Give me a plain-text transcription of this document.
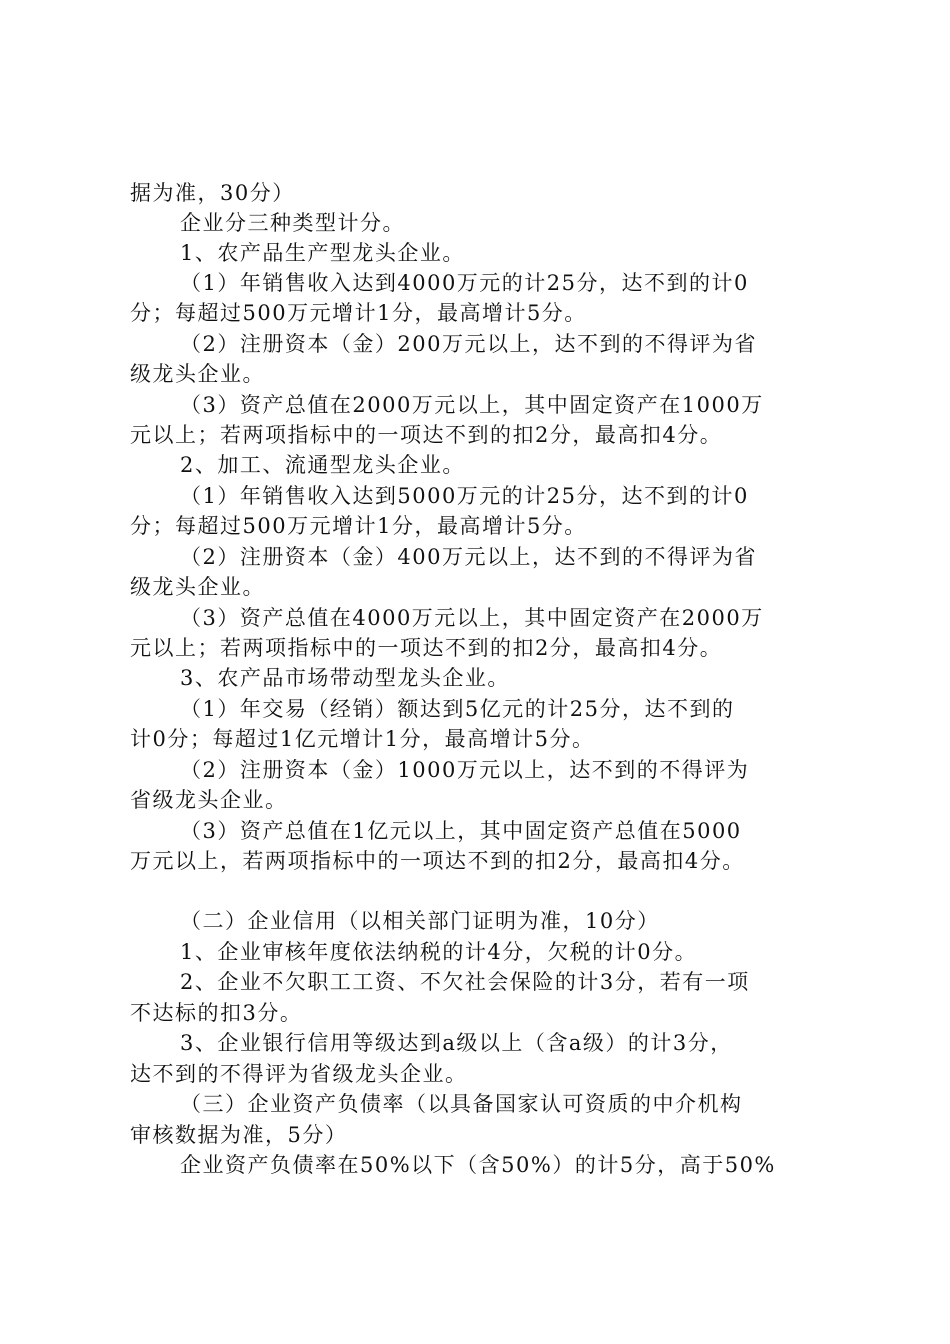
据为准，30分）
企业分三种类型计分。
1、农产品生产型龙头企业。
（1）年销售收入达到4000万元的计25分，达不到的计0
分；每超过500万元增计1分，最高增计5分。
（2）注册资本（金）200万元以上，达不到的不得评为省
级龙头企业。
（3）资产总值在2000万元以上，其中固定资产在1000万
元以上；若两项指标中的一项达不到的扣2分，最高扣4分。
2、加工、流通型龙头企业。
（1）年销售收入达到5000万元的计25分，达不到的计0
分；每超过500万元增计1分，最高增计5分。
（2）注册资本（金）400万元以上，达不到的不得评为省
级龙头企业。
（3）资产总值在4000万元以上，其中固定资产在2000万
元以上；若两项指标中的一项达不到的扣2分，最高扣4分。
3、农产品市场带动型龙头企业。
（1）年交易（经销）额达到5亿元的计25分，达不到的
计0分；每超过1亿元增计1分，最高增计5分。
（2）注册资本（金）1000万元以上，达不到的不得评为
省级龙头企业。
（3）资产总值在1亿元以上，其中固定资产总值在5000
万元以上，若两项指标中的一项达不到的扣2分，最高扣4分。
（二）企业信用（以相关部门证明为准，10分）
1、企业审核年度依法纳税的计4分，欠税的计0分。
2、企业不欠职工工资、不欠社会保险的计3分，若有一项
不达标的扣3分。
3、企业银行信用等级达到a级以上（含a级）的计3分，
达不到的不得评为省级龙头企业。
（三）企业资产负债率（以具备国家认可资质的中介机构
审核数据为准，5分）
企业资产负债率在50%以下（含50%）的计5分，高于50%
